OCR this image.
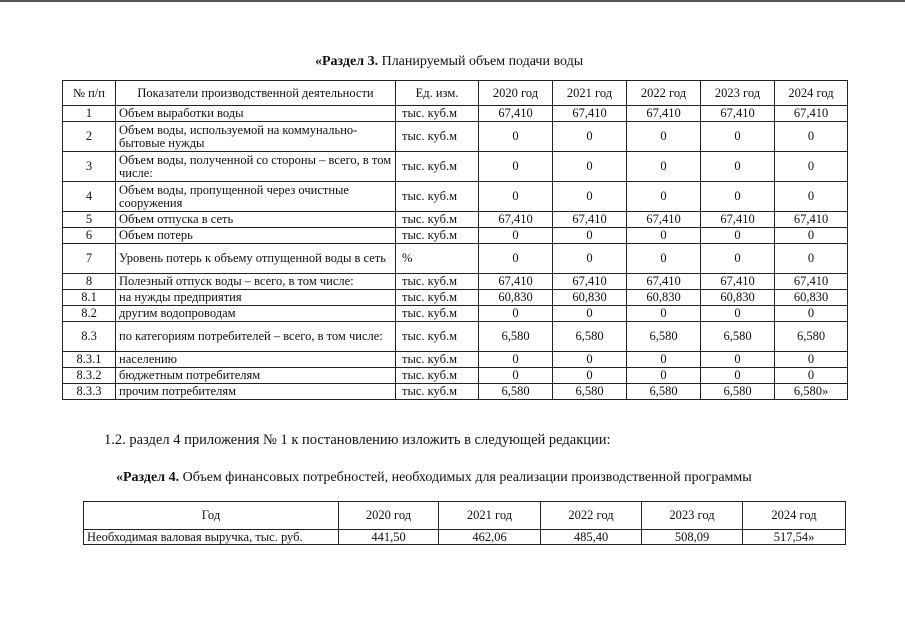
«Раздел 3. Планируемый объем подачи воды
№ п/п	Показатели производственной деятельности	Ед. изм.	2020 год	2021 год	2022 год	2023 год	2024 год
1	Объем выработки воды	тыс. куб.м	67,410	67,410	67,410	67,410	67,410
2	Объем воды, используемой на коммунально-бытовые нужды	тыс. куб.м	0	0	0	0	0
3	Объем воды, полученной со стороны – всего, в том числе:	тыс. куб.м	0	0	0	0	0
4	Объем воды, пропущенной через очистные сооружения	тыс. куб.м	0	0	0	0	0
5	Объем отпуска в сеть	тыс. куб.м	67,410	67,410	67,410	67,410	67,410
6	Объем потерь	тыс. куб.м	0	0	0	0	0
7	Уровень потерь к объему отпущенной воды в сеть	%	0	0	0	0	0
8	Полезный отпуск воды – всего, в том числе:	тыс. куб.м	67,410	67,410	67,410	67,410	67,410
8.1	на нужды предприятия	тыс. куб.м	60,830	60,830	60,830	60,830	60,830
8.2	другим водопроводам	тыс. куб.м	0	0	0	0	0
8.3	по категориям потребителей – всего, в том числе:	тыс. куб.м	6,580	6,580	6,580	6,580	6,580
8.3.1	населению	тыс. куб.м	0	0	0	0	0
8.3.2	бюджетным потребителям	тыс. куб.м	0	0	0	0	0
8.3.3	прочим потребителям	тыс. куб.м	6,580	6,580	6,580	6,580	6,580»
1.2. раздел 4 приложения № 1 к постановлению изложить в следующей редакции:
«Раздел 4. Объем финансовых потребностей, необходимых для реализации производственной программы
Год	2020 год	2021 год	2022 год	2023 год	2024 год
Необходимая валовая выручка, тыс. руб.	441,50	462,06	485,40	508,09	517,54»
